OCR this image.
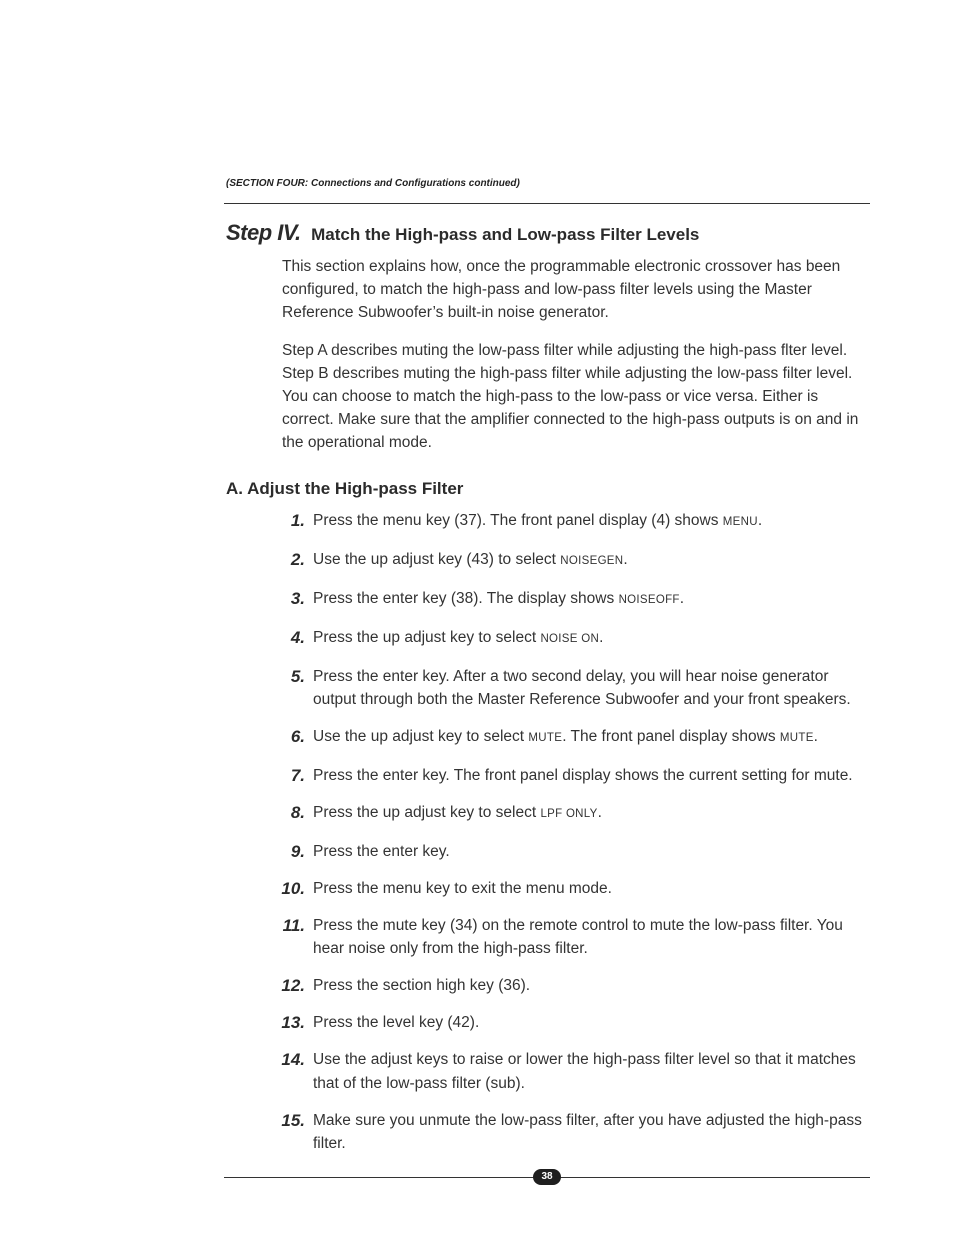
(SECTION FOUR: Connections and Configurations continued)
Step IV. Match the High-pass and Low-pass Filter Levels

This section explains how, once the programmable electronic crossover has been configured, to match the high-pass and low-pass filter levels using the Master Reference Subwoofer’s built-in noise generator.

Step A describes muting the low-pass filter while adjusting the high-pass flter level. Step B describes muting the high-pass filter while adjusting the low-pass filter level. You can choose to match the high-pass to the low-pass or vice versa. Either is correct. Make sure that the amplifier connected to the high-pass outputs is on and in the operational mode.

A. Adjust the High-pass Filter
1. Press the menu key (37). The front panel display (4) shows MENU.
2. Use the up adjust key (43) to select NOISEGEN.
3. Press the enter key (38). The display shows NOISEOFF.
4. Press the up adjust key to select NOISE ON.
5. Press the enter key. After a two second delay, you will hear noise generator output through both the Master Reference Subwoofer and your front speakers.
6. Use the up adjust key to select MUTE. The front panel display shows MUTE.
7. Press the enter key. The front panel display shows the current setting for mute.
8. Press the up adjust key to select LPF ONLY.
9. Press the enter key.
10. Press the menu key to exit the menu mode.
11. Press the mute key (34) on the remote control to mute the low-pass filter. You hear noise only from the high-pass filter.
12. Press the section high key (36).
13. Press the level key (42).
14. Use the adjust keys to raise or lower the high-pass filter level so that it matches that of the low-pass filter (sub).
15. Make sure you unmute the low-pass filter, after you have adjusted the high-pass filter.
38
